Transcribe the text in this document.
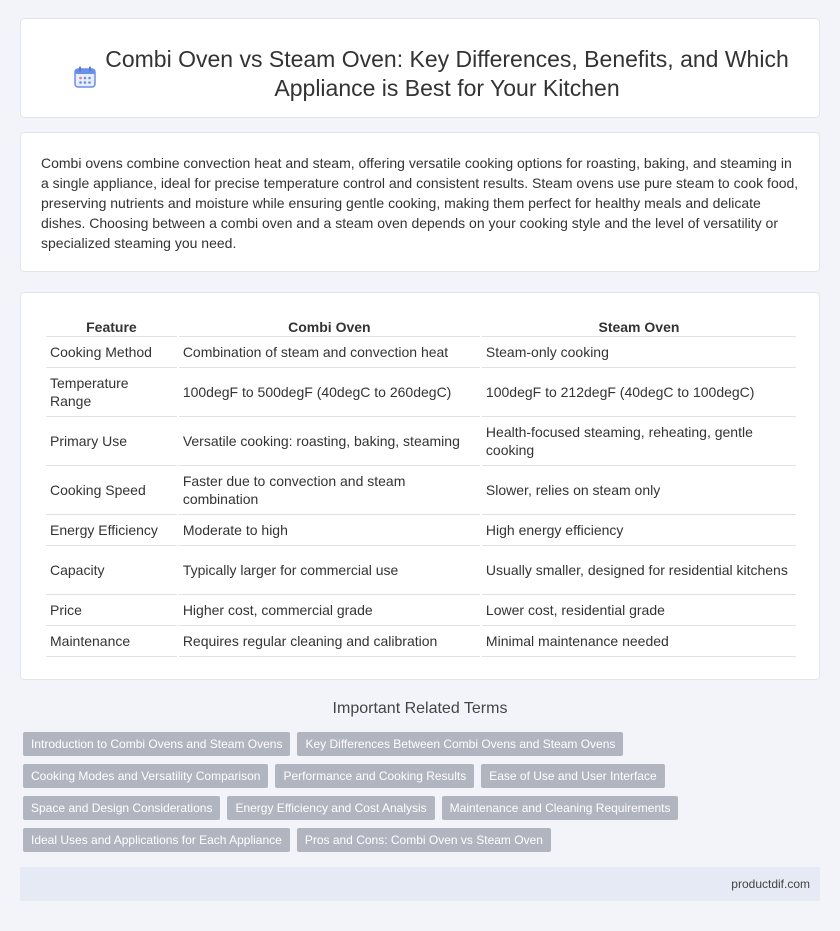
Combi Oven vs Steam Oven: Key Differences, Benefits, and Which Appliance is Best for Your Kitchen

Combi ovens combine convection heat and steam, offering versatile cooking options for roasting, baking, and steaming in a single appliance, ideal for precise temperature control and consistent results. Steam ovens use pure steam to cook food, preserving nutrients and moisture while ensuring gentle cooking, making them perfect for healthy meals and delicate dishes. Choosing between a combi oven and a steam oven depends on your cooking style and the level of versatility or specialized steaming you need.

Feature	Combi Oven	Steam Oven
Cooking Method	Combination of steam and convection heat	Steam-only cooking
Temperature Range	100degF to 500degF (40degC to 260degC)	100degF to 212degF (40degC to 100degC)
Primary Use	Versatile cooking: roasting, baking, steaming	Health-focused steaming, reheating, gentle cooking
Cooking Speed	Faster due to convection and steam combination	Slower, relies on steam only
Energy Efficiency	Moderate to high	High energy efficiency
Capacity	Typically larger for commercial use	Usually smaller, designed for residential kitchens
Price	Higher cost, commercial grade	Lower cost, residential grade
Maintenance	Requires regular cleaning and calibration	Minimal maintenance needed
Important Related Terms
Introduction to Combi Ovens and Steam Ovens	Key Differences Between Combi Ovens and Steam Ovens
Cooking Modes and Versatility Comparison	Performance and Cooking Results	Ease of Use and User Interface
Space and Design Considerations	Energy Efficiency and Cost Analysis	Maintenance and Cleaning Requirements
Ideal Uses and Applications for Each Appliance	Pros and Cons: Combi Oven vs Steam Oven
productdif.com
